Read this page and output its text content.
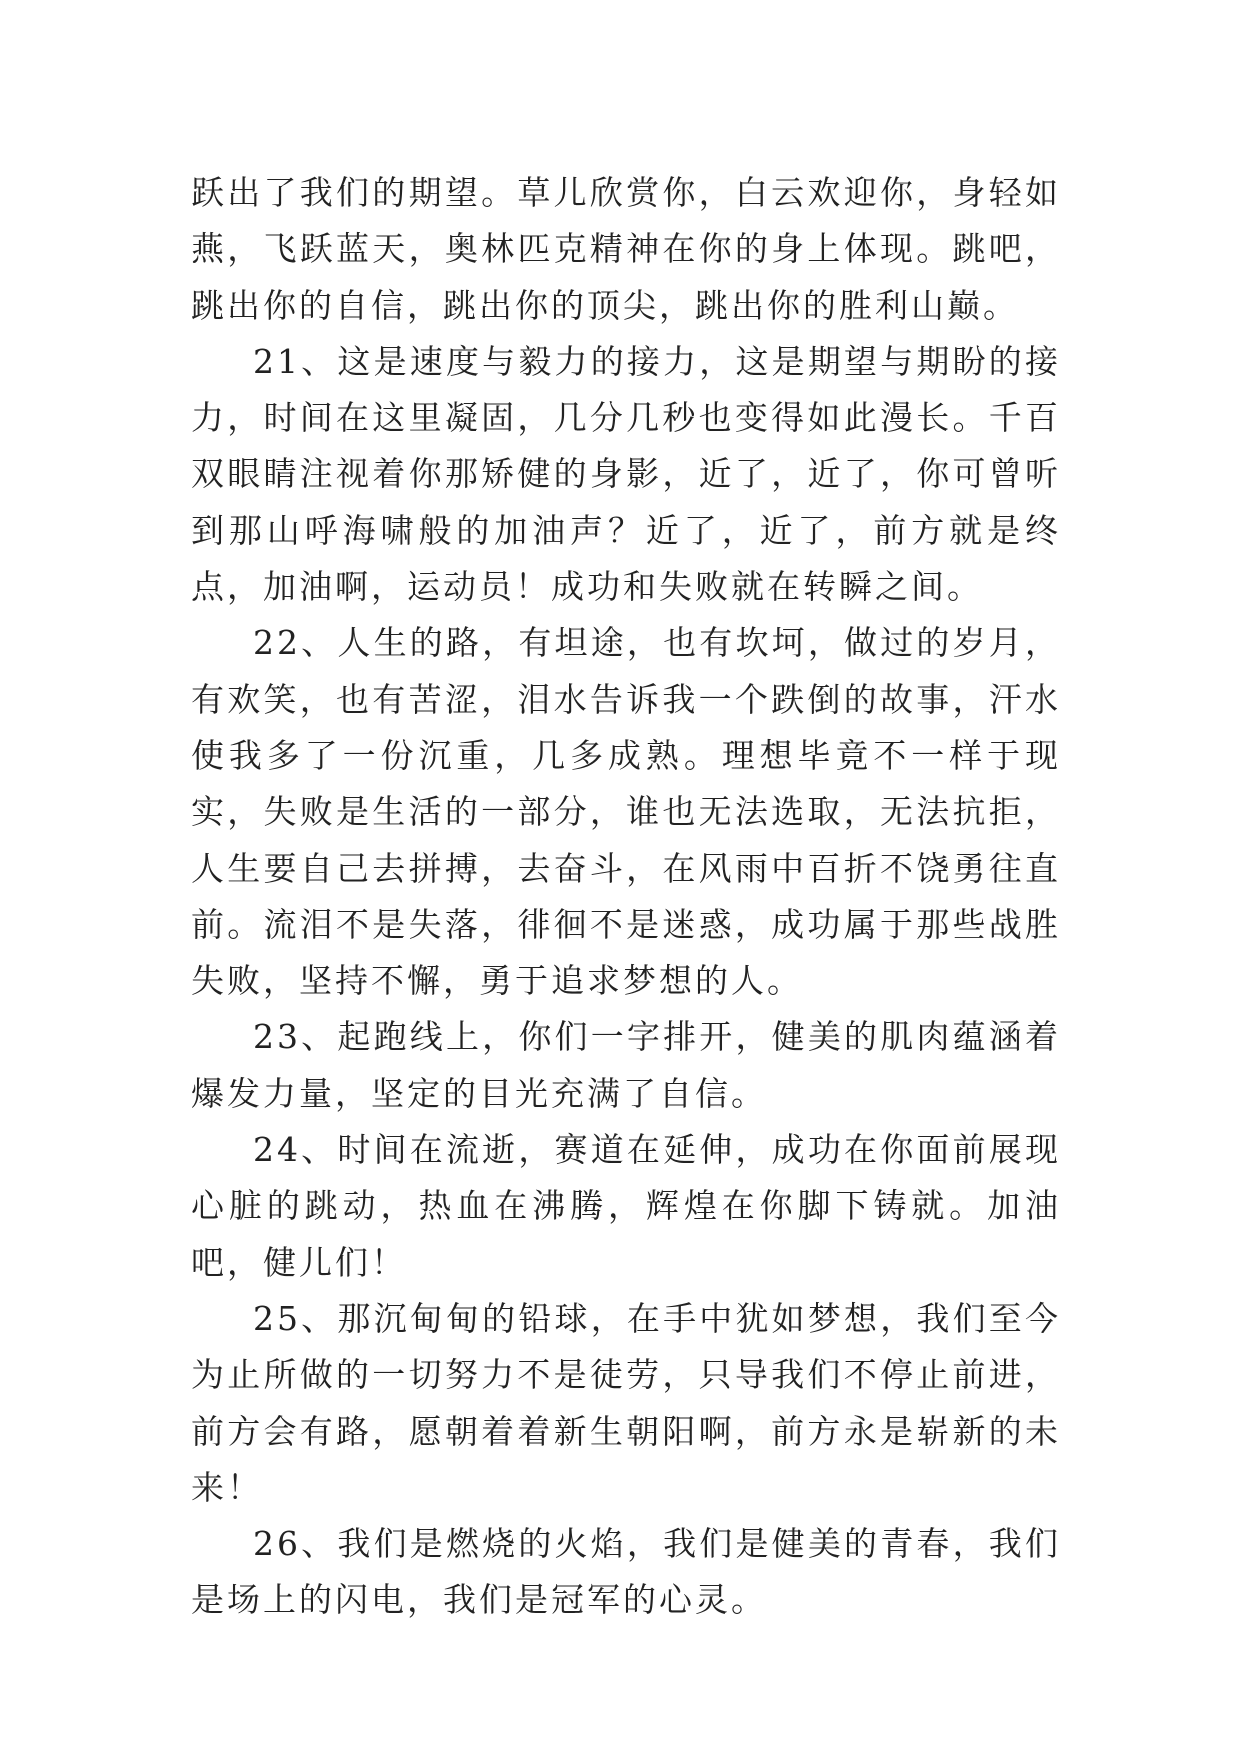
跃出了我们的期望。草儿欣赏你，白云欢迎你，身轻如燕，飞跃蓝天，奥林匹克精神在你的身上体现。跳吧，跳出你的自信，跳出你的顶尖，跳出你的胜利山巅。

21、这是速度与毅力的接力，这是期望与期盼的接力，时间在这里凝固，几分几秒也变得如此漫长。千百双眼睛注视着你那矫健的身影，近了，近了，你可曾听到那山呼海啸般的加油声？近了，近了，前方就是终点，加油啊，运动员！成功和失败就在转瞬之间。

22、人生的路，有坦途，也有坎坷，做过的岁月，有欢笑，也有苦涩，泪水告诉我一个跌倒的故事，汗水使我多了一份沉重，几多成熟。理想毕竟不一样于现实，失败是生活的一部分，谁也无法选取，无法抗拒，人生要自己去拼搏，去奋斗，在风雨中百折不饶勇往直前。流泪不是失落，徘徊不是迷惑，成功属于那些战胜失败，坚持不懈，勇于追求梦想的人。

23、起跑线上，你们一字排开，健美的肌肉蕴涵着爆发力量，坚定的目光充满了自信。

24、时间在流逝，赛道在延伸，成功在你面前展现心脏的跳动，热血在沸腾，辉煌在你脚下铸就。加油吧，健儿们！

25、那沉甸甸的铅球，在手中犹如梦想，我们至今为止所做的一切努力不是徒劳，只导我们不停止前进，前方会有路，愿朝着着新生朝阳啊，前方永是崭新的未来！

26、我们是燃烧的火焰，我们是健美的青春，我们是场上的闪电，我们是冠军的心灵。
